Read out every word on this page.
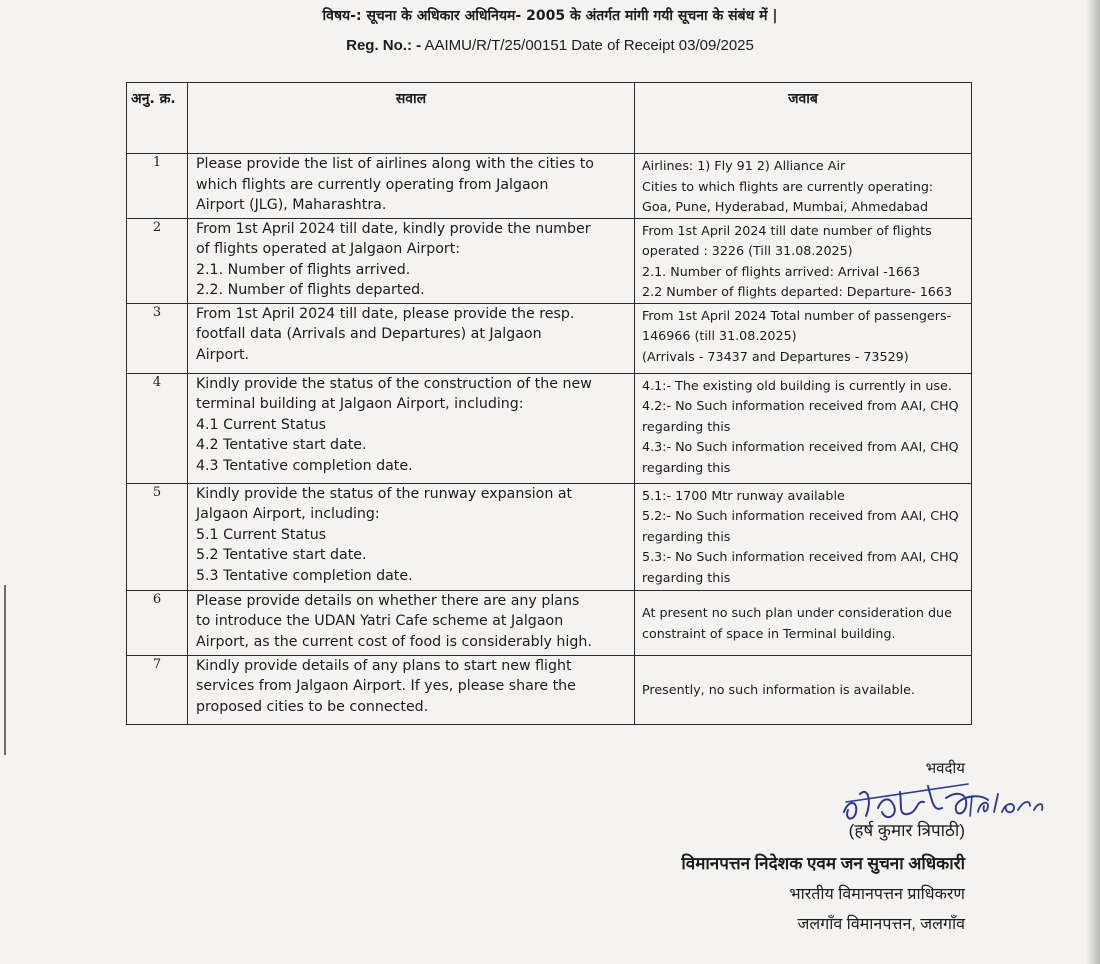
विषय-: सूचना के अधिकार अधिनियम- 2005 के अंतर्गत मांगी गयी सूचना के संबंध में |
Reg. No.: - AAIMU/R/T/25/00151 Date of Receipt 03/09/2025
अनु. क्र.	सवाल	जवाब
1	Please provide the list of airlines along with the cities to
which flights are currently operating from Jalgaon
Airport (JLG), Maharashtra.	Airlines: 1) Fly 91 2) Alliance Air
Cities to which flights are currently operating:
Goa, Pune, Hyderabad, Mumbai, Ahmedabad

2	From 1st April 2024 till date, kindly provide the number
of flights operated at Jalgaon Airport:
2.1. Number of flights arrived.
2.2. Number of flights departed.	From 1st April 2024 till date number of flights
operated : 3226 (Till 31.08.2025)
2.1. Number of flights arrived: Arrival -1663
2.2 Number of flights departed: Departure- 1663

3	From 1st April 2024 till date, please provide the resp.
footfall data (Arrivals and Departures) at Jalgaon
Airport.	From 1st April 2024 Total number of passengers-
146966 (till 31.08.2025)
(Arrivals - 73437 and Departures - 73529)

4	Kindly provide the status of the construction of the new
terminal building at Jalgaon Airport, including:
4.1 Current Status
4.2 Tentative start date.
4.3 Tentative completion date.	4.1:- The existing old building is currently in use.
4.2:- No Such information received from AAI, CHQ
regarding this
4.3:- No Such information received from AAI, CHQ
regarding this

5	Kindly provide the status of the runway expansion at
Jalgaon Airport, including:
5.1 Current Status
5.2 Tentative start date.
5.3 Tentative completion date.	5.1:- 1700 Mtr runway available
5.2:- No Such information received from AAI, CHQ
regarding this
5.3:- No Such information received from AAI, CHQ
regarding this

6	Please provide details on whether there are any plans
to introduce the UDAN Yatri Cafe scheme at Jalgaon
Airport, as the current cost of food is considerably high.	At present no such plan under consideration due
constraint of space in Terminal building.

7	Kindly provide details of any plans to start new flight
services from Jalgaon Airport. If yes, please share the
proposed cities to be connected.	Presently, no such information is available.
भवदीय
(हर्ष कुमार त्रिपाठी)
विमानपत्तन निदेशक एवम जन सुचना अधिकारी
भारतीय विमानपत्तन प्राधिकरण
जलगाँव विमानपत्तन, जलगाँव
